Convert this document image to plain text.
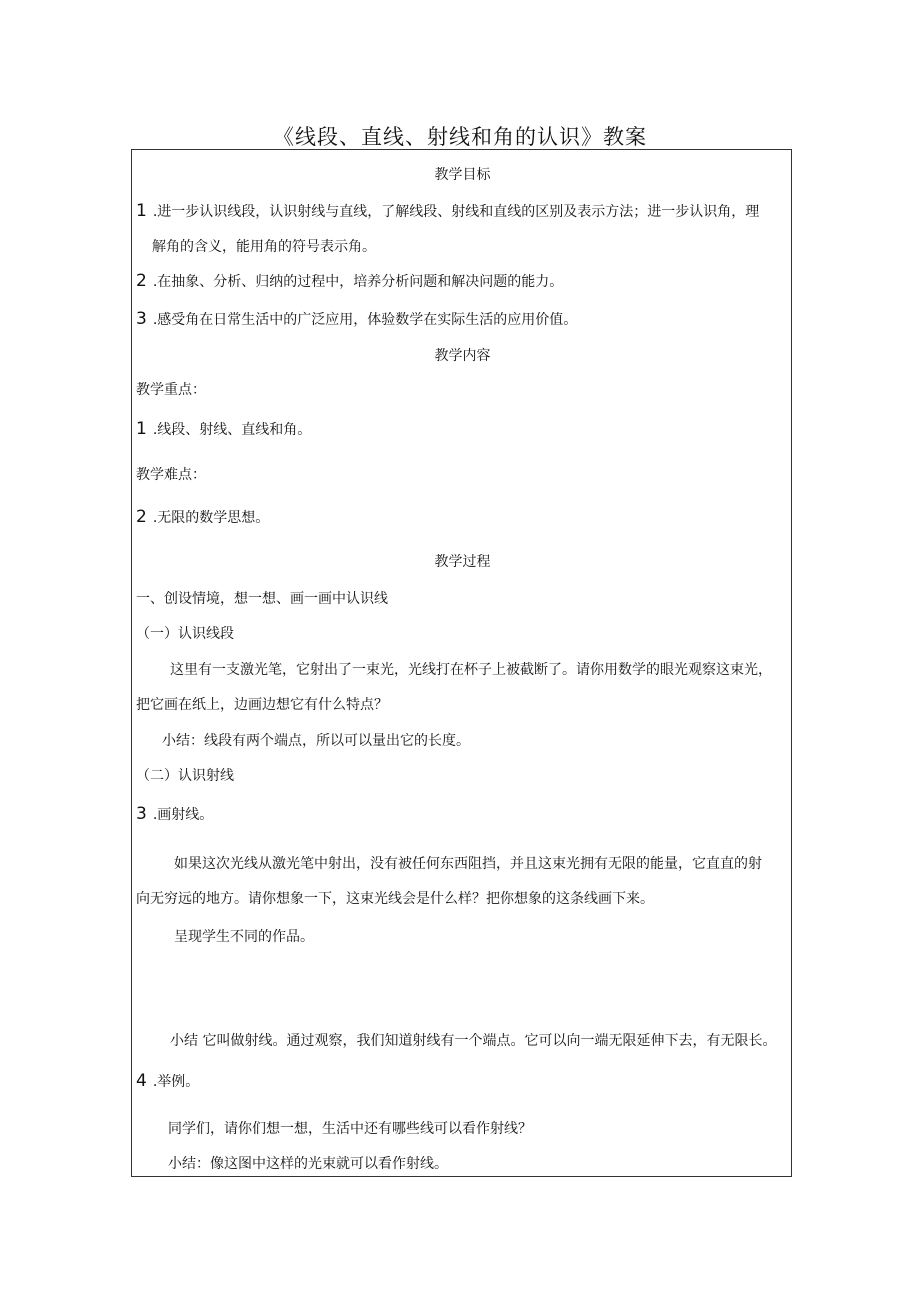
《线段、直线、射线和角的认识》教案
教学目标
1 .进一步认识线段，认识射线与直线，了解线段、射线和直线的区别及表示方法；进一步认识角，理
解角的含义，能用角的符号表示角。
2 .在抽象、分析、归纳的过程中，培养分析问题和解决问题的能力。
3 .感受角在日常生活中的广泛应用，体验数学在实际生活的应用价值。
教学内容
教学重点：
1 .线段、射线、直线和角。
教学难点：
2 .无限的数学思想。
教学过程
一、创设情境，想一想、画一画中认识线
（一）认识线段
这里有一支激光笔，它射出了一束光，光线打在杯子上被截断了。请你用数学的眼光观察这束光，
把它画在纸上，边画边想它有什么特点？
小结：线段有两个端点，所以可以量出它的长度。
（二）认识射线
3 .画射线。
如果这次光线从激光笔中射出，没有被任何东西阻挡，并且这束光拥有无限的能量，它直直的射
向无穷远的地方。请你想象一下，这束光线会是什么样？把你想象的这条线画下来。
呈现学生不同的作品。
小结 它叫做射线。通过观察，我们知道射线有一个端点。它可以向一端无限延伸下去，有无限长。
4 .举例。
同学们，请你们想一想，生活中还有哪些线可以看作射线？
小结：像这图中这样的光束就可以看作射线。
